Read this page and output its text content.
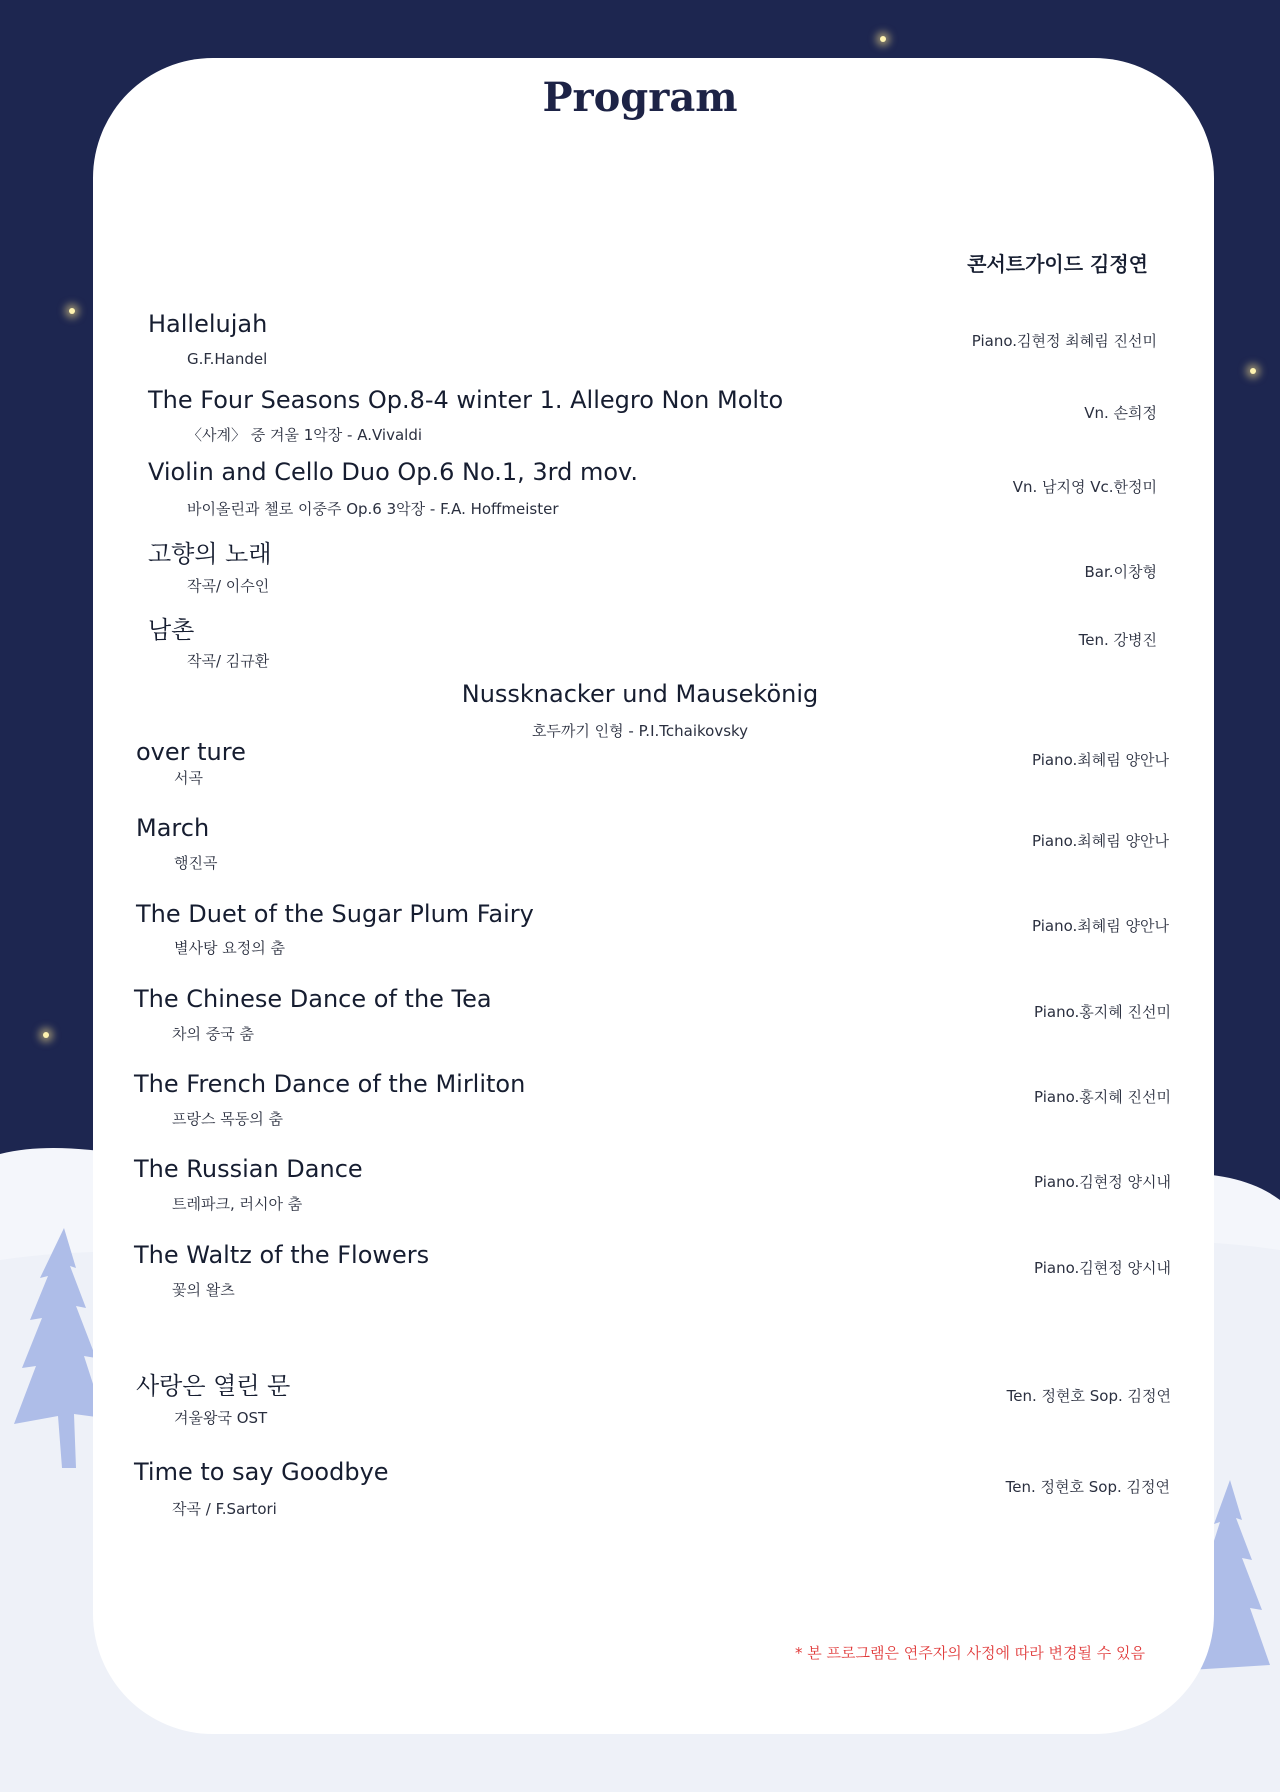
Program
콘서트가이드 김정연
Hallelujah
G.F.Handel
Piano.김현정 최혜림 진선미
The Four Seasons Op.8-4 winter 1. Allegro Non Molto
〈사계〉 중 겨울 1악장 - A.Vivaldi
Vn. 손희정
Violin and Cello Duo Op.6 No.1, 3rd mov.
바이올린과 첼로 이중주 Op.6 3악장 - F.A. Hoffmeister
Vn. 남지영 Vc.한정미
고향의 노래
작곡/ 이수인
Bar.이창형
남촌
작곡/ 김규환
Ten. 강병진
Nussknacker und Mausekönig
호두까기 인형 - P.I.Tchaikovsky
over ture
서곡
Piano.최혜림 양안나
March
행진곡
Piano.최혜림 양안나
The Duet of the Sugar Plum Fairy
별사탕 요정의 춤
Piano.최혜림 양안나
The Chinese Dance of the Tea
차의 중국 춤
Piano.홍지혜 진선미
The French Dance of the Mirliton
프랑스 목동의 춤
Piano.홍지혜 진선미
The Russian Dance
트레파크, 러시아 춤
Piano.김현정 양시내
The Waltz of the Flowers
꽃의 왈츠
Piano.김현정 양시내
사랑은 열린 문
겨울왕국 OST
Ten. 정현호 Sop. 김정연
Time to say Goodbye
작곡 / F.Sartori
Ten. 정현호 Sop. 김정연
* 본 프로그램은 연주자의 사정에 따라 변경될 수 있음
